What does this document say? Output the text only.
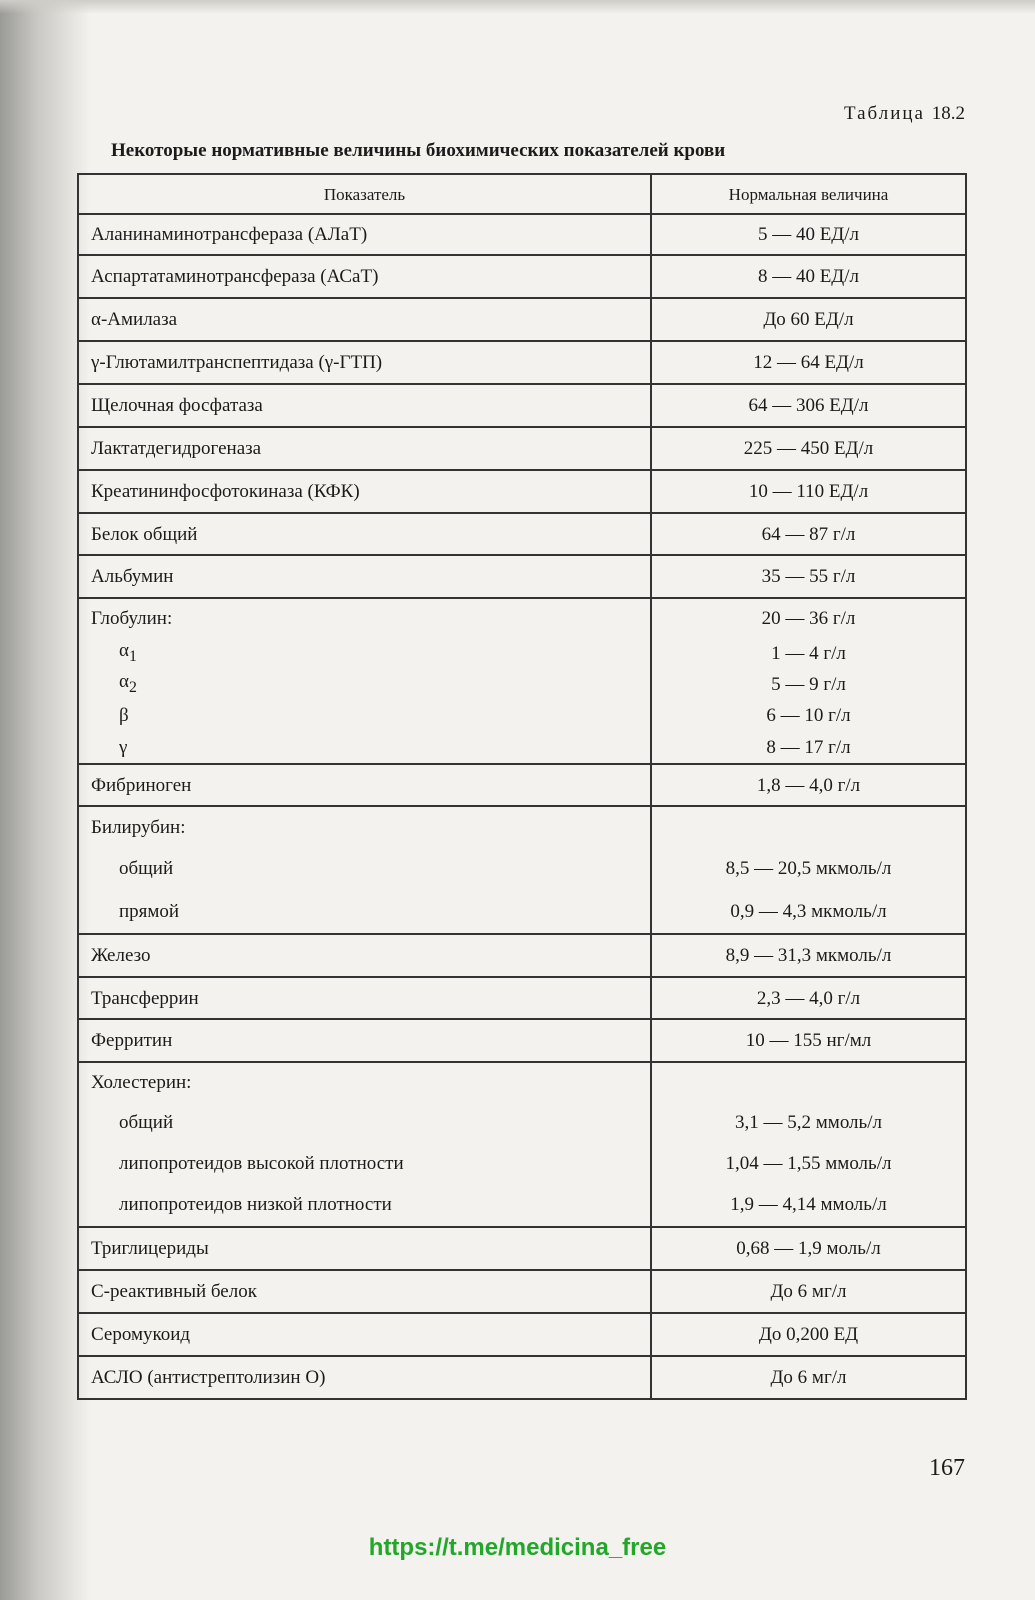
Таблица 18.2
Некоторые нормативные величины биохимических показателей крови
Показатель	Нормальная величина
Аланинаминотрансфераза (АЛаТ)	5 — 40 ЕД/л
Аспартатаминотрансфераза (АСаТ)	8 — 40 ЕД/л
α-Амилаза	До 60 ЕД/л
γ-Глютамилтранспептидаза (γ-ГТП)	12 — 64 ЕД/л
Щелочная фосфатаза	64 — 306 ЕД/л
Лактатдегидрогеназа	225 — 450 ЕД/л
Креатининфосфотокиназа (КФК)	10 — 110 ЕД/л
Белок общий	64 — 87 г/л
Альбумин	35 — 55 г/л
Глобулин:	20 — 36 г/л
$\alpha_1$	1 — 4 г/л
$\alpha_2$	5 — 9 г/л
β	6 — 10 г/л
γ	8 — 17 г/л
Фибриноген	1,8 — 4,0 г/л
Билирубин:	
общий	8,5 — 20,5 мкмоль/л
прямой	0,9 — 4,3 мкмоль/л
Железо	8,9 — 31,3 мкмоль/л
Трансферрин	2,3 — 4,0 г/л
Ферритин	10 — 155 нг/мл
Холестерин:	
общий	3,1 — 5,2 ммоль/л
липопротеидов высокой плотности	1,04 — 1,55 ммоль/л
липопротеидов низкой плотности	1,9 — 4,14 ммоль/л
Триглицериды	0,68 — 1,9 моль/л
С-реактивный белок	До 6 мг/л
Серомукоид	До 0,200 ЕД
АСЛО (антистрептолизин О)	До 6 мг/л
167
https://t.me/medicina_free
